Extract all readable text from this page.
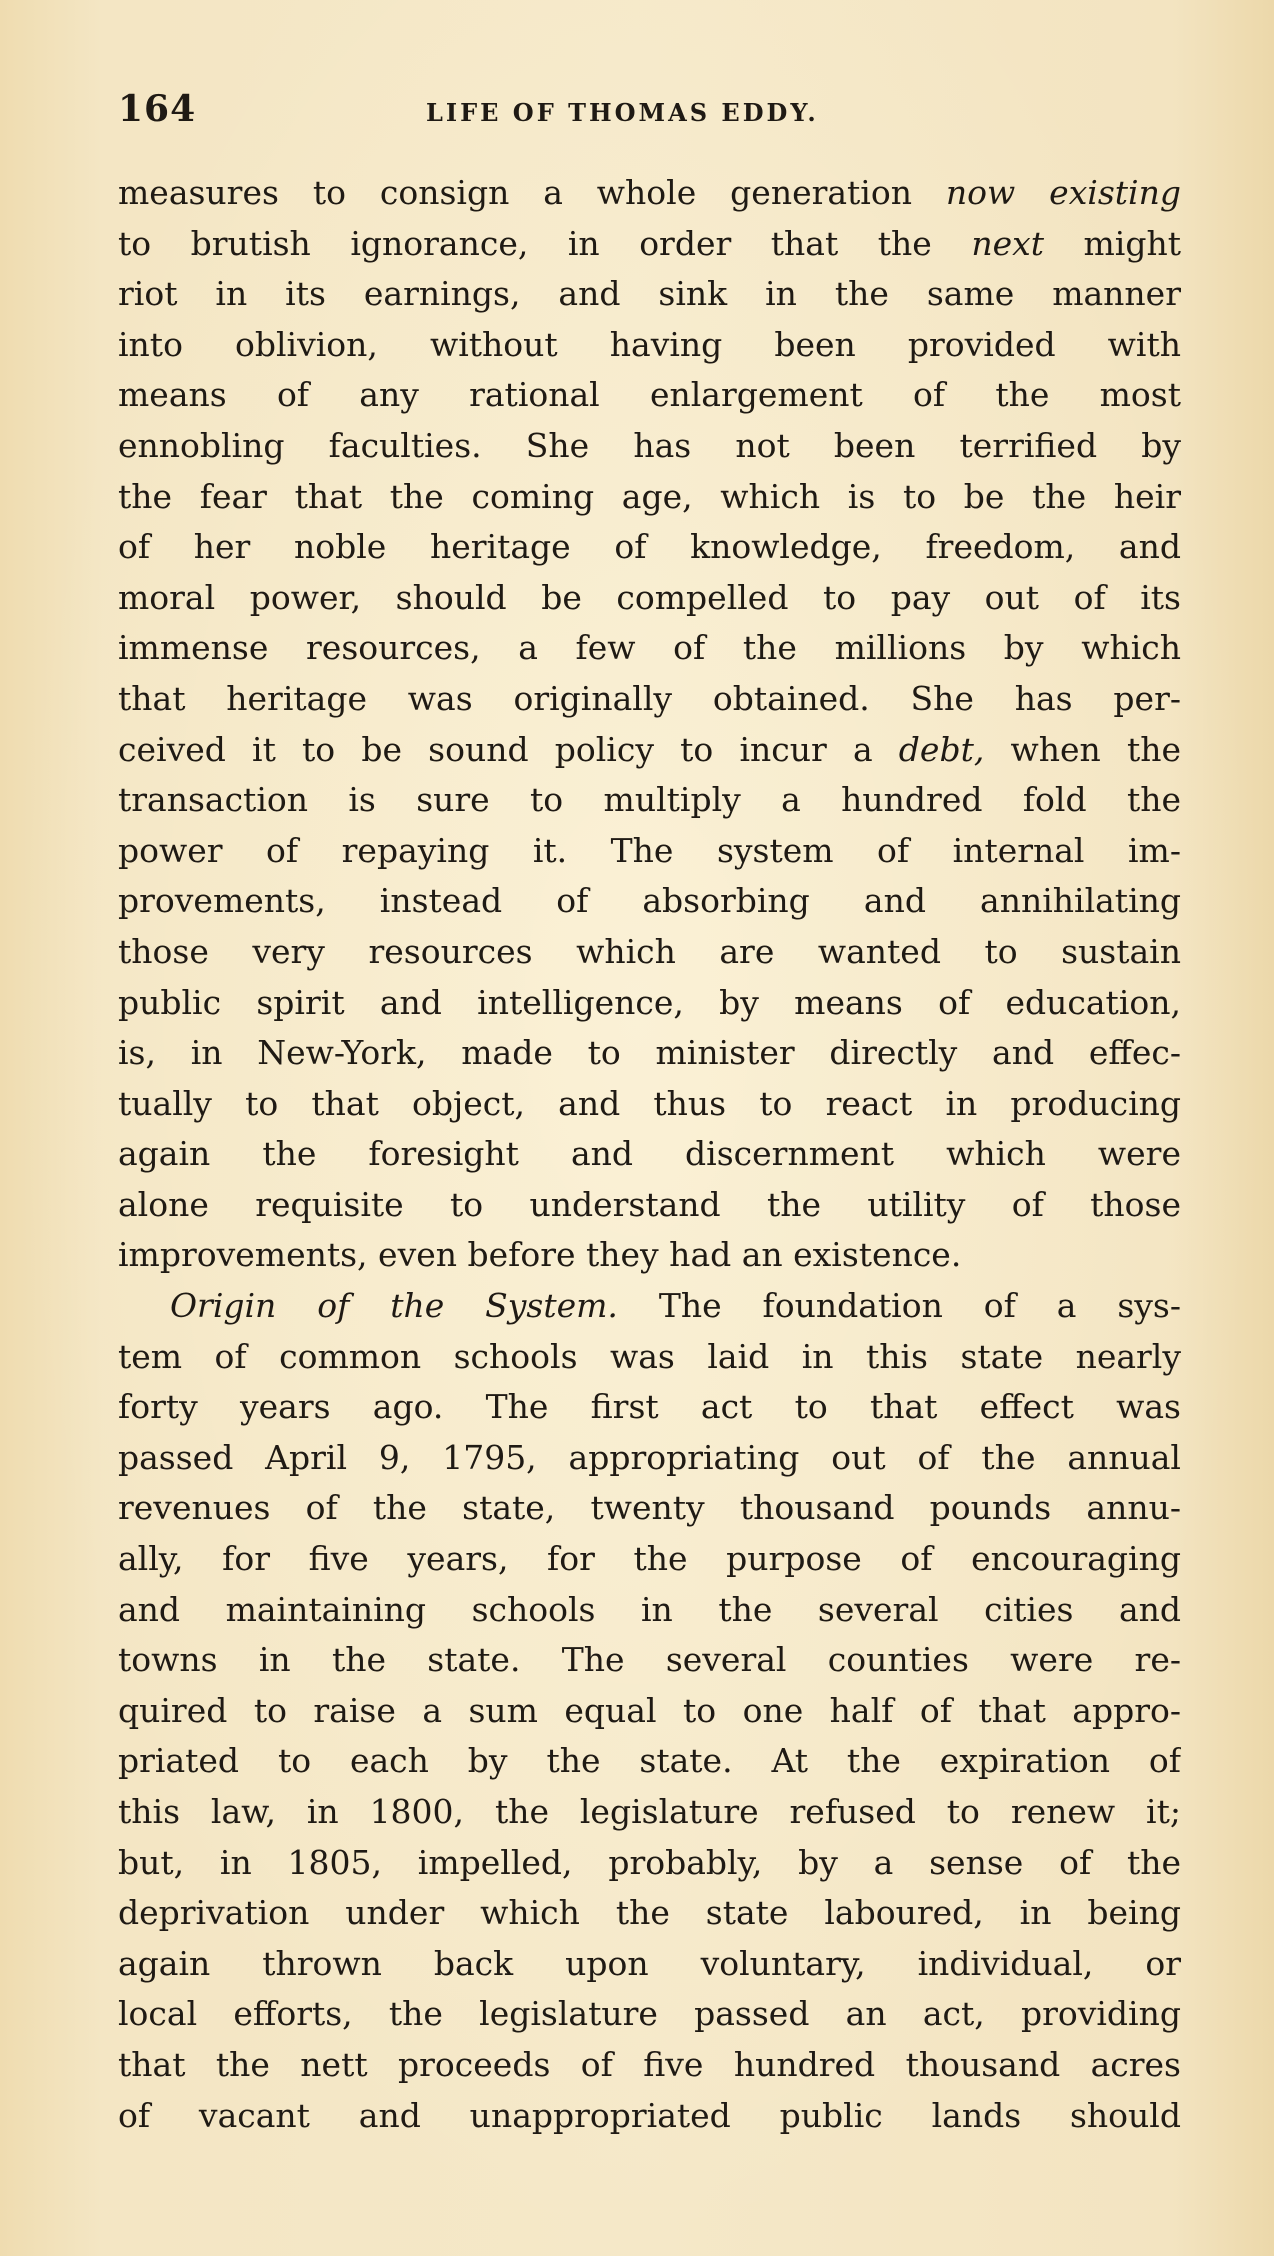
164	LIFE OF THOMAS EDDY.
measures to consign a whole generation now existing
to brutish ignorance, in order that the next might
riot in its earnings, and sink in the same manner
into oblivion, without having been provided with
means of any rational enlargement of the most
ennobling faculties. She has not been terrified by
the fear that the coming age, which is to be the heir
of her noble heritage of knowledge, freedom, and
moral power, should be compelled to pay out of its
immense resources, a few of the millions by which
that heritage was originally obtained. She has per-
ceived it to be sound policy to incur a debt, when the
transaction is sure to multiply a hundred fold the
power of repaying it. The system of internal im-
provements, instead of absorbing and annihilating
those very resources which are wanted to sustain
public spirit and intelligence, by means of education,
is, in New-York, made to minister directly and effec-
tually to that object, and thus to react in producing
again the foresight and discernment which were
alone requisite to understand the utility of those
improvements, even before they had an existence.
Origin of the System. The foundation of a sys-
tem of common schools was laid in this state nearly
forty years ago. The first act to that effect was
passed April 9, 1795, appropriating out of the annual
revenues of the state, twenty thousand pounds annu-
ally, for five years, for the purpose of encouraging
and maintaining schools in the several cities and
towns in the state. The several counties were re-
quired to raise a sum equal to one half of that appro-
priated to each by the state. At the expiration of
this law, in 1800, the legislature refused to renew it;
but, in 1805, impelled, probably, by a sense of the
deprivation under which the state laboured, in being
again thrown back upon voluntary, individual, or
local efforts, the legislature passed an act, providing
that the nett proceeds of five hundred thousand acres
of vacant and unappropriated public lands should
